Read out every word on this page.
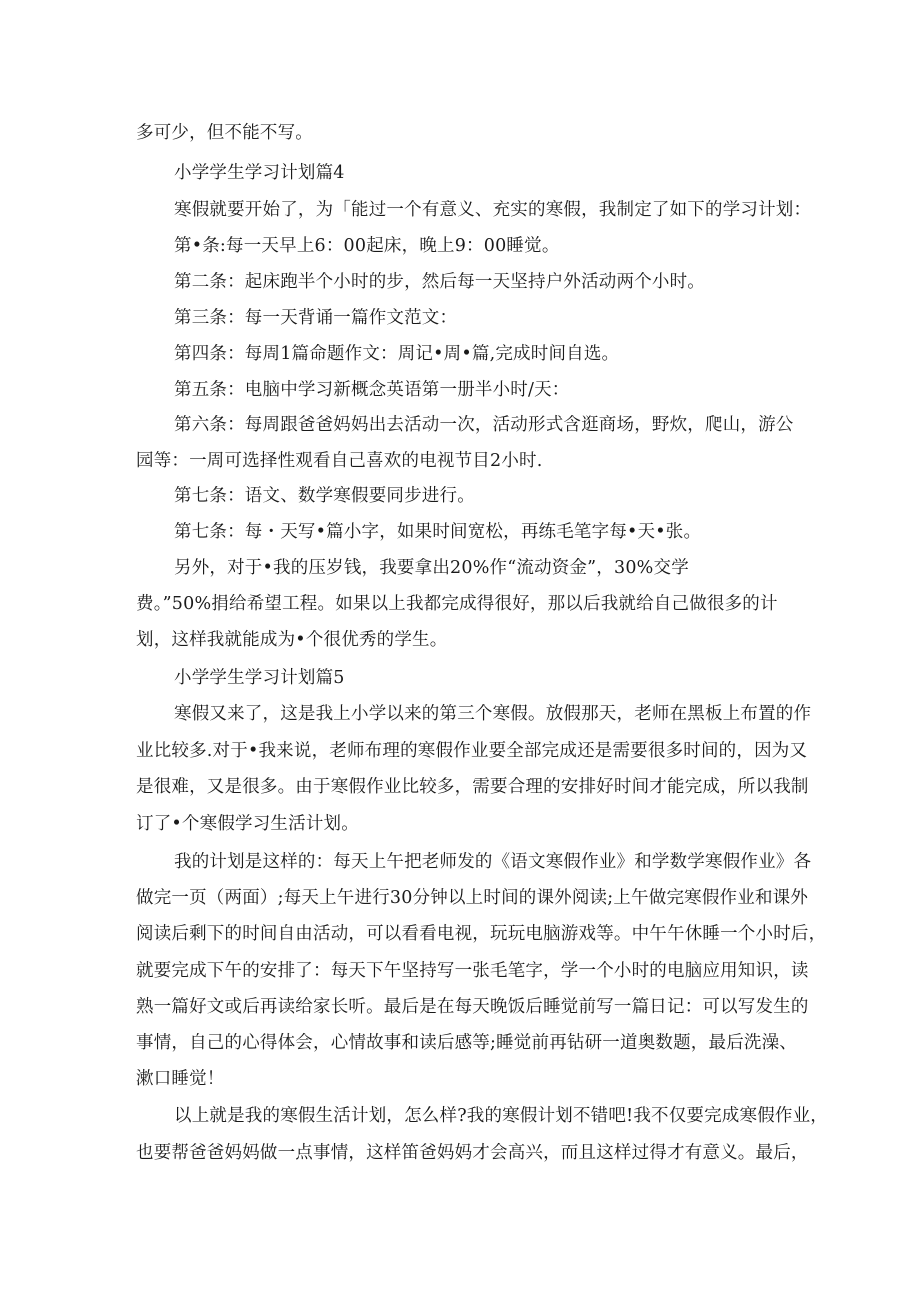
多可少，但不能不写。
小学学生学习计划篇4
寒假就要开始了，为「能过一个有意义、充实的寒假，我制定了如下的学习计划：
第•条:每一天早上6：00起床，晚上9：00睡觉。
第二条：起床跑半个小时的步，然后每一天坚持户外活动两个小时。
第三条：每一天背诵一篇作文范文：
第四条：每周1篇命题作文：周记•周•篇,完成时间自选。
第五条：电脑中学习新概念英语第一册半小时/天：
第六条：每周跟爸爸妈妈出去活动一次，活动形式含逛商场，野炊，爬山，游公
园等：一周可选择性观看自己喜欢的电视节目2小时.
第七条：语文、数学寒假要同步进行。
第七条：每・天写•篇小字，如果时间宽松，再练毛笔字每•天•张。
另外，对于•我的压岁钱，我要拿出20%作“流动资金”，30%交学
费。”50%捐给希望工程。如果以上我都完成得很好，那以后我就给自己做很多的计
划，这样我就能成为•个很优秀的学生。
小学学生学习计划篇5
寒假又来了，这是我上小学以来的第三个寒假。放假那天，老师在黑板上布置的作
业比较多.对于•我来说，老师布理的寒假作业要全部完成还是需要很多时间的，因为又
是很难，又是很多。由于寒假作业比较多，需要合理的安排好时间才能完成，所以我制
订了•个寒假学习生活计划。
我的计划是这样的：每天上午把老师发的《语文寒假作业》和学数学寒假作业》各
做完一页（两面）;每天上午进行30分钟以上时间的课外阅读;上午做完寒假作业和课外
阅读后剩下的时间自由活动，可以看看电视，玩玩电脑游戏等。中午午休睡一个小时后，
就要完成下午的安排了：每天下午坚持写一张毛笔字，学一个小时的电脑应用知识，读
熟一篇好文或后再读给家长听。最后是在每天晚饭后睡觉前写一篇日记：可以写发生的
事情，自己的心得体会，心情故事和读后感等;睡觉前再钻研一道奥数题，最后洗澡、
漱口睡觉！
以上就是我的寒假生活计划，怎么样?我的寒假计划不错吧!我不仅要完成寒假作业，
也要帮爸爸妈妈做一点事情，这样笛爸妈妈才会高兴，而且这样过得才有意义。最后，
